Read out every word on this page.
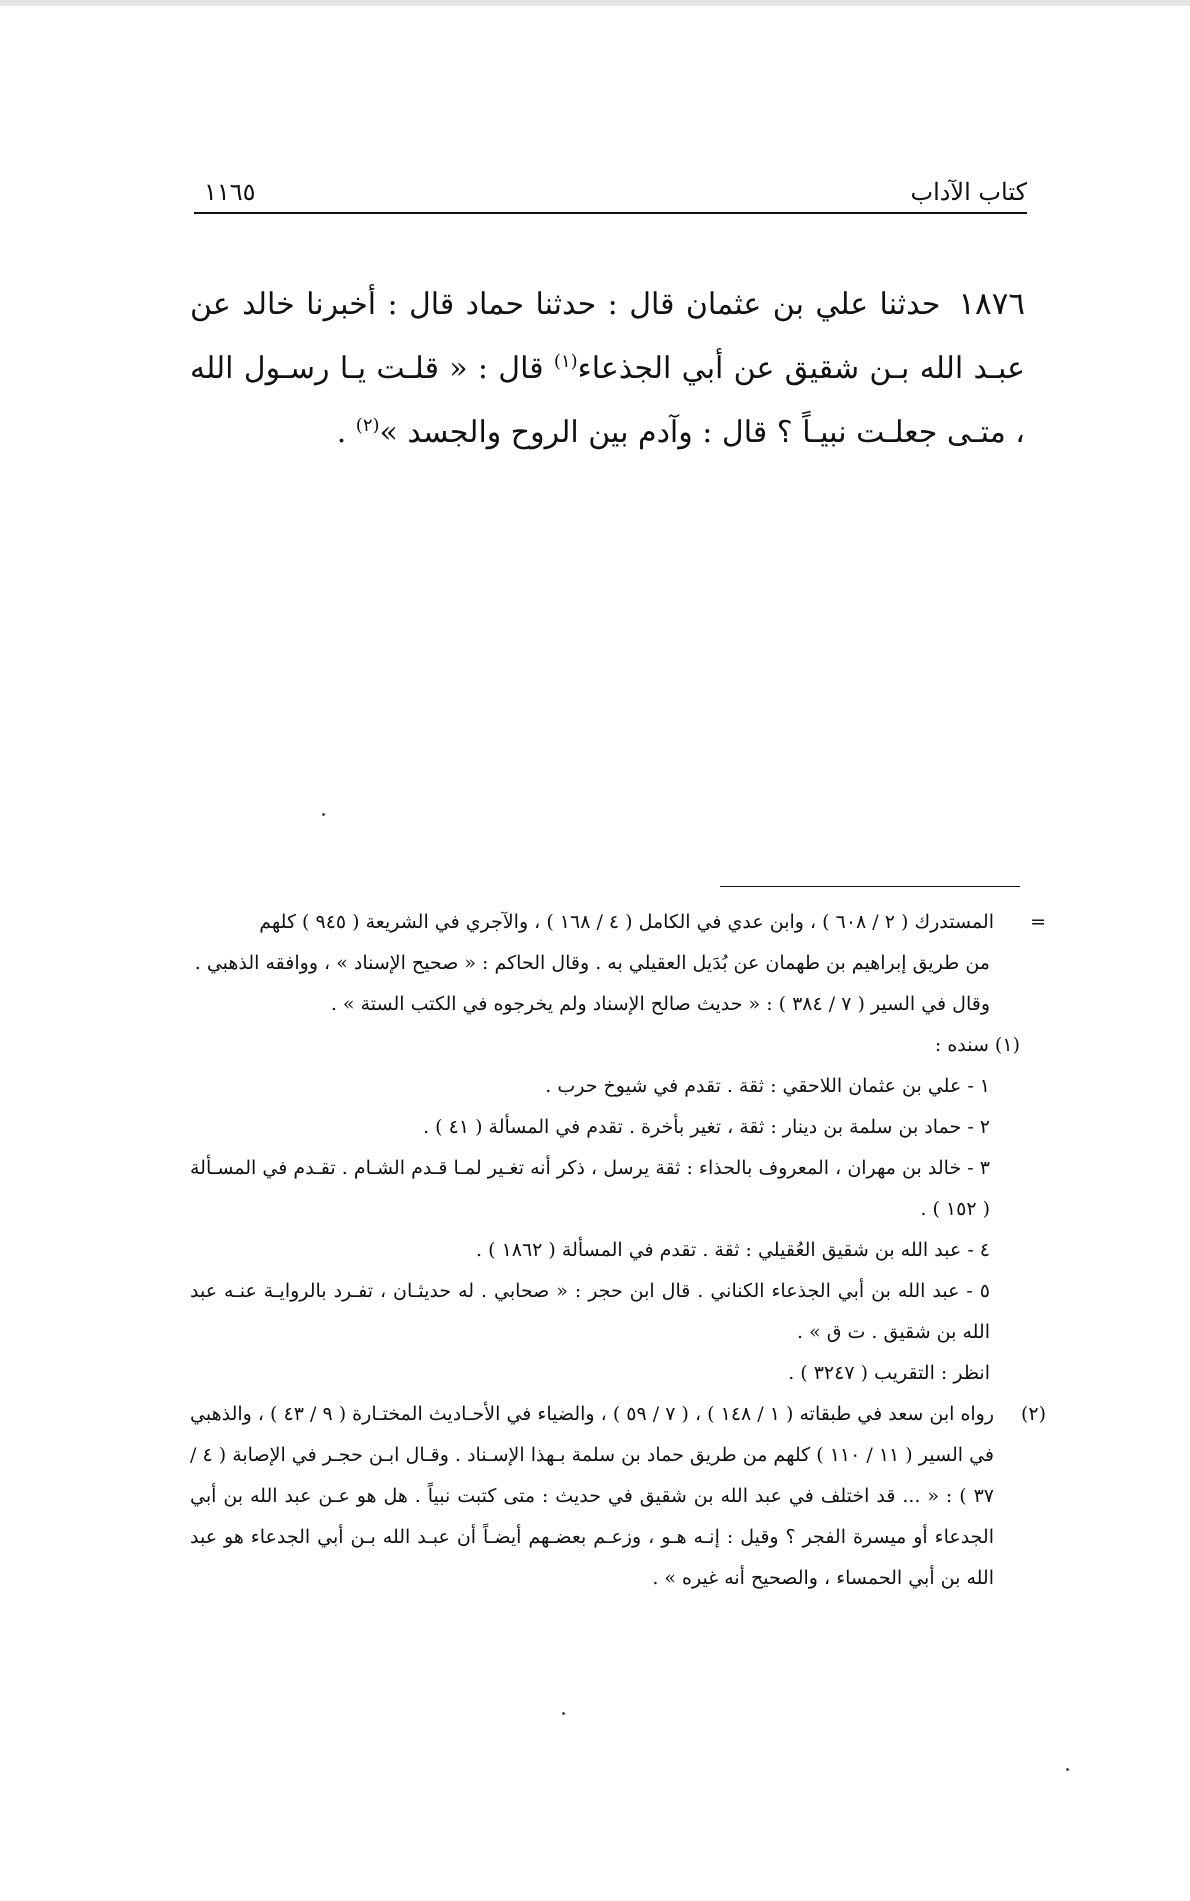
كتاب الآداب
١١٦٥
١٨٧٦حدثنا علي بن عثمان قال : حدثنا حماد قال : أخبرنا خالد عن عبـد الله بـن شقيق عن أبي الجذعاء$^{(١)}$ قال : « قلـت يـا رسـول الله ، متـى جعلـت نبيـاً ؟ قال : وآدم بين الروح والجسد »$^{(٢)}$ .
=المستدرك ( ٢ / ٦٠٨ ) ، وابن عدي في الكامل ( ٤ / ١٦٨ ) ، والآجري في الشريعة ( ٩٤٥ ) كلهم
من طريق إبراهيم بن طهمان عن بُدَيل العقيلي به . وقال الحاكم : « صحيح الإسناد » ، ووافقه الذهبي .
وقال في السير ( ٧ / ٣٨٤ ) : « حديث صالح الإسناد ولم يخرجوه في الكتب الستة » .
(١) سنده :
١ - علي بن عثمان اللاحقي : ثقة . تقدم في شيوخ حرب .
٢ - حماد بن سلمة بن دينار : ثقة ، تغير بأخرة . تقدم في المسألة ( ٤١ ) .
٣ - خالد بن مهران ، المعروف بالحذاء : ثقة يرسل ، ذكر أنه تغـير لمـا قـدم الشـام . تقـدم في المسـألة ( ١٥٢ ) .
٤ - عبد الله بن شقيق العُقيلي : ثقة . تقدم في المسألة ( ١٨٦٢ ) .
٥ - عبد الله بن أبي الجذعاء الكناني . قال ابن حجر : « صحابي . له حديثـان ، تفـرد بالروايـة عنـه عبد الله بن شقيق . ت ق » .
انظر : التقريب ( ٣٢٤٧ ) .
(٢)رواه ابن سعد في طبقاته ( ١ / ١٤٨ ) ، ( ٧ / ٥٩ ) ، والضياء في الأحـاديث المختـارة ( ٩ / ٤٣ ) ، والذهبي في السير ( ١١ / ١١٠ ) كلهم من طريق حماد بن سلمة بـهذا الإسـناد . وقـال ابـن حجـر في الإصابة ( ٤ / ٣٧ ) : « ... قد اختلف في عبد الله بن شقيق في حديث : متى كتبت نبياً . هل هو عـن عبد الله بن أبي الجدعاء أو ميسرة الفجر ؟ وقيل : إنـه هـو ، وزعـم بعضـهم أيضـاً أن عبـد الله بـن أبي الجدعاء هو عبد الله بن أبي الحمساء ، والصحيح أنه غيره » .
